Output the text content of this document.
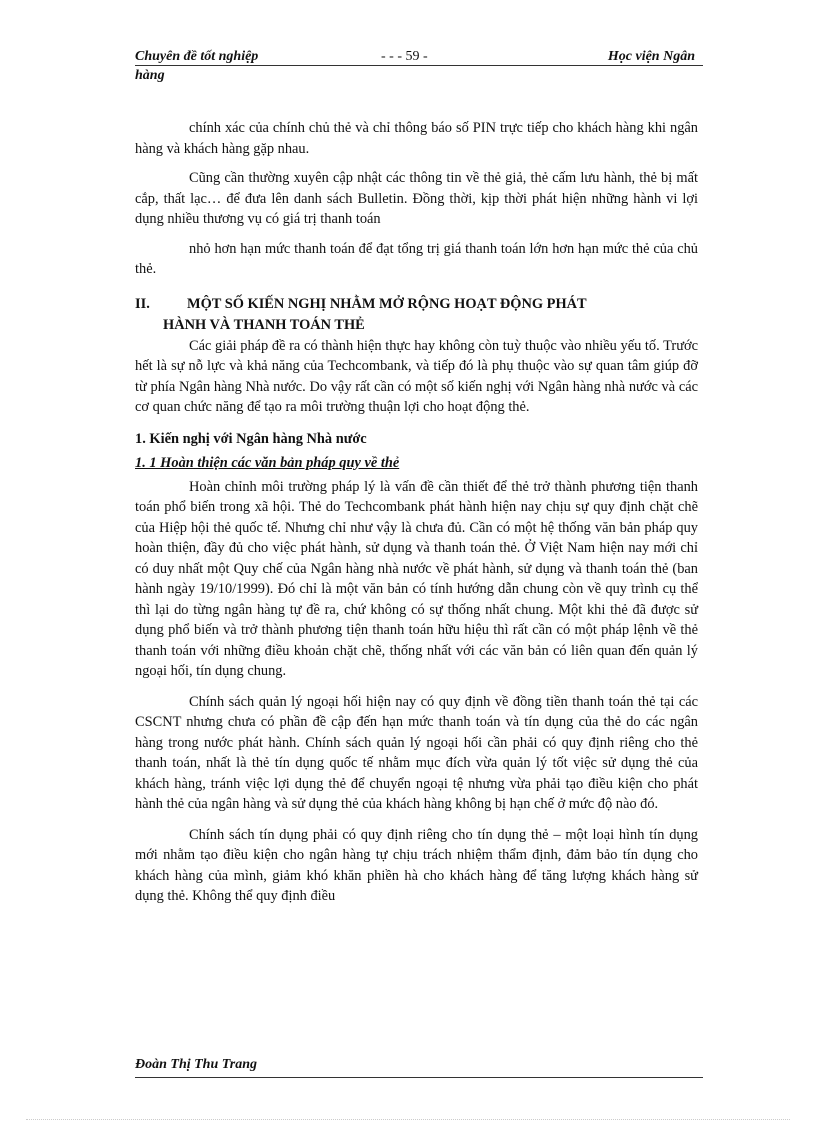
Chuyên đề tốt nghiệp	- - - 59 -	Học viện Ngân
hàng

chính xác của chính chủ thẻ và chỉ thông báo số PIN trực tiếp cho khách hàng khi ngân hàng và khách hàng gặp nhau.

Cũng cần thường xuyên cập nhật các thông tin về thẻ giả, thẻ cấm lưu hành, thẻ bị mất cắp, thất lạc… để đưa lên danh sách Bulletin. Đồng thời, kịp thời phát hiện những hành vi lợi dụng nhiều thương vụ có giá trị thanh toán

nhỏ hơn hạn mức thanh toán để đạt tổng trị giá thanh toán lớn hơn hạn mức thẻ của chủ thẻ.

II.	MỘT SỐ KIẾN NGHỊ NHẰM MỞ RỘNG HOẠT ĐỘNG PHÁT
HÀNH VÀ THANH TOÁN THẺ

Các giải pháp đề ra có thành hiện thực hay không còn tuỳ thuộc vào nhiều yếu tố. Trước hết là sự nỗ lực và khả năng của Techcombank, và tiếp đó là phụ thuộc vào sự quan tâm giúp đỡ từ phía Ngân hàng Nhà nước. Do vậy rất cần có một số kiến nghị với Ngân hàng nhà nước và các cơ quan chức năng để tạo ra môi trường thuận lợi cho hoạt động thẻ.

1. Kiến nghị với Ngân hàng Nhà nước
1. 1 Hoàn thiện các văn bản pháp quy về thẻ

Hoàn chỉnh môi trường pháp lý là vấn đề cần thiết để thẻ trở thành phương tiện thanh toán phổ biến trong xã hội. Thẻ do Techcombank phát hành hiện nay chịu sự quy định chặt chẽ của Hiệp hội thẻ quốc tế. Nhưng chỉ như vậy là chưa đủ. Cần có một hệ thống văn bản pháp quy hoàn thiện, đầy đủ cho việc phát hành, sử dụng và thanh toán thẻ. Ở Việt Nam hiện nay mới chỉ có duy nhất một Quy chế của Ngân hàng nhà nước về phát hành, sử dụng và thanh toán thẻ (ban hành ngày 19/10/1999). Đó chỉ là một văn bản có tính hướng dẫn chung còn về quy trình cụ thể thì lại do từng ngân hàng tự đề ra, chứ không có sự thống nhất chung. Một khi thẻ đã được sử dụng phổ biến và trở thành phương tiện thanh toán hữu hiệu thì rất cần có một pháp lệnh về thẻ thanh toán với những điều khoản chặt chẽ, thống nhất với các văn bản có liên quan đến quản lý ngoại hối, tín dụng chung.

Chính sách quản lý ngoại hối hiện nay có quy định về đồng tiền thanh toán thẻ tại các CSCNT nhưng chưa có phần đề cập đến hạn mức thanh toán và tín dụng của thẻ do các ngân hàng trong nước phát hành. Chính sách quản lý ngoại hối cần phải có quy định riêng cho thẻ thanh toán, nhất là thẻ tín dụng quốc tế nhằm mục đích vừa quản lý tốt việc sử dụng thẻ của khách hàng, tránh việc lợi dụng thẻ để chuyển ngoại tệ nhưng vừa phải tạo điều kiện cho phát hành thẻ của ngân hàng và sử dụng thẻ của khách hàng không bị hạn chế ở mức độ nào đó.

Chính sách tín dụng phải có quy định riêng cho tín dụng thẻ – một loại hình tín dụng mới nhằm tạo điều kiện cho ngân hàng tự chịu trách nhiệm thẩm định, đảm bảo tín dụng cho khách hàng của mình, giảm khó khăn phiền hà cho khách hàng để tăng lượng khách hàng sử dụng thẻ. Không thể quy định điều

Đoàn Thị Thu Trang
